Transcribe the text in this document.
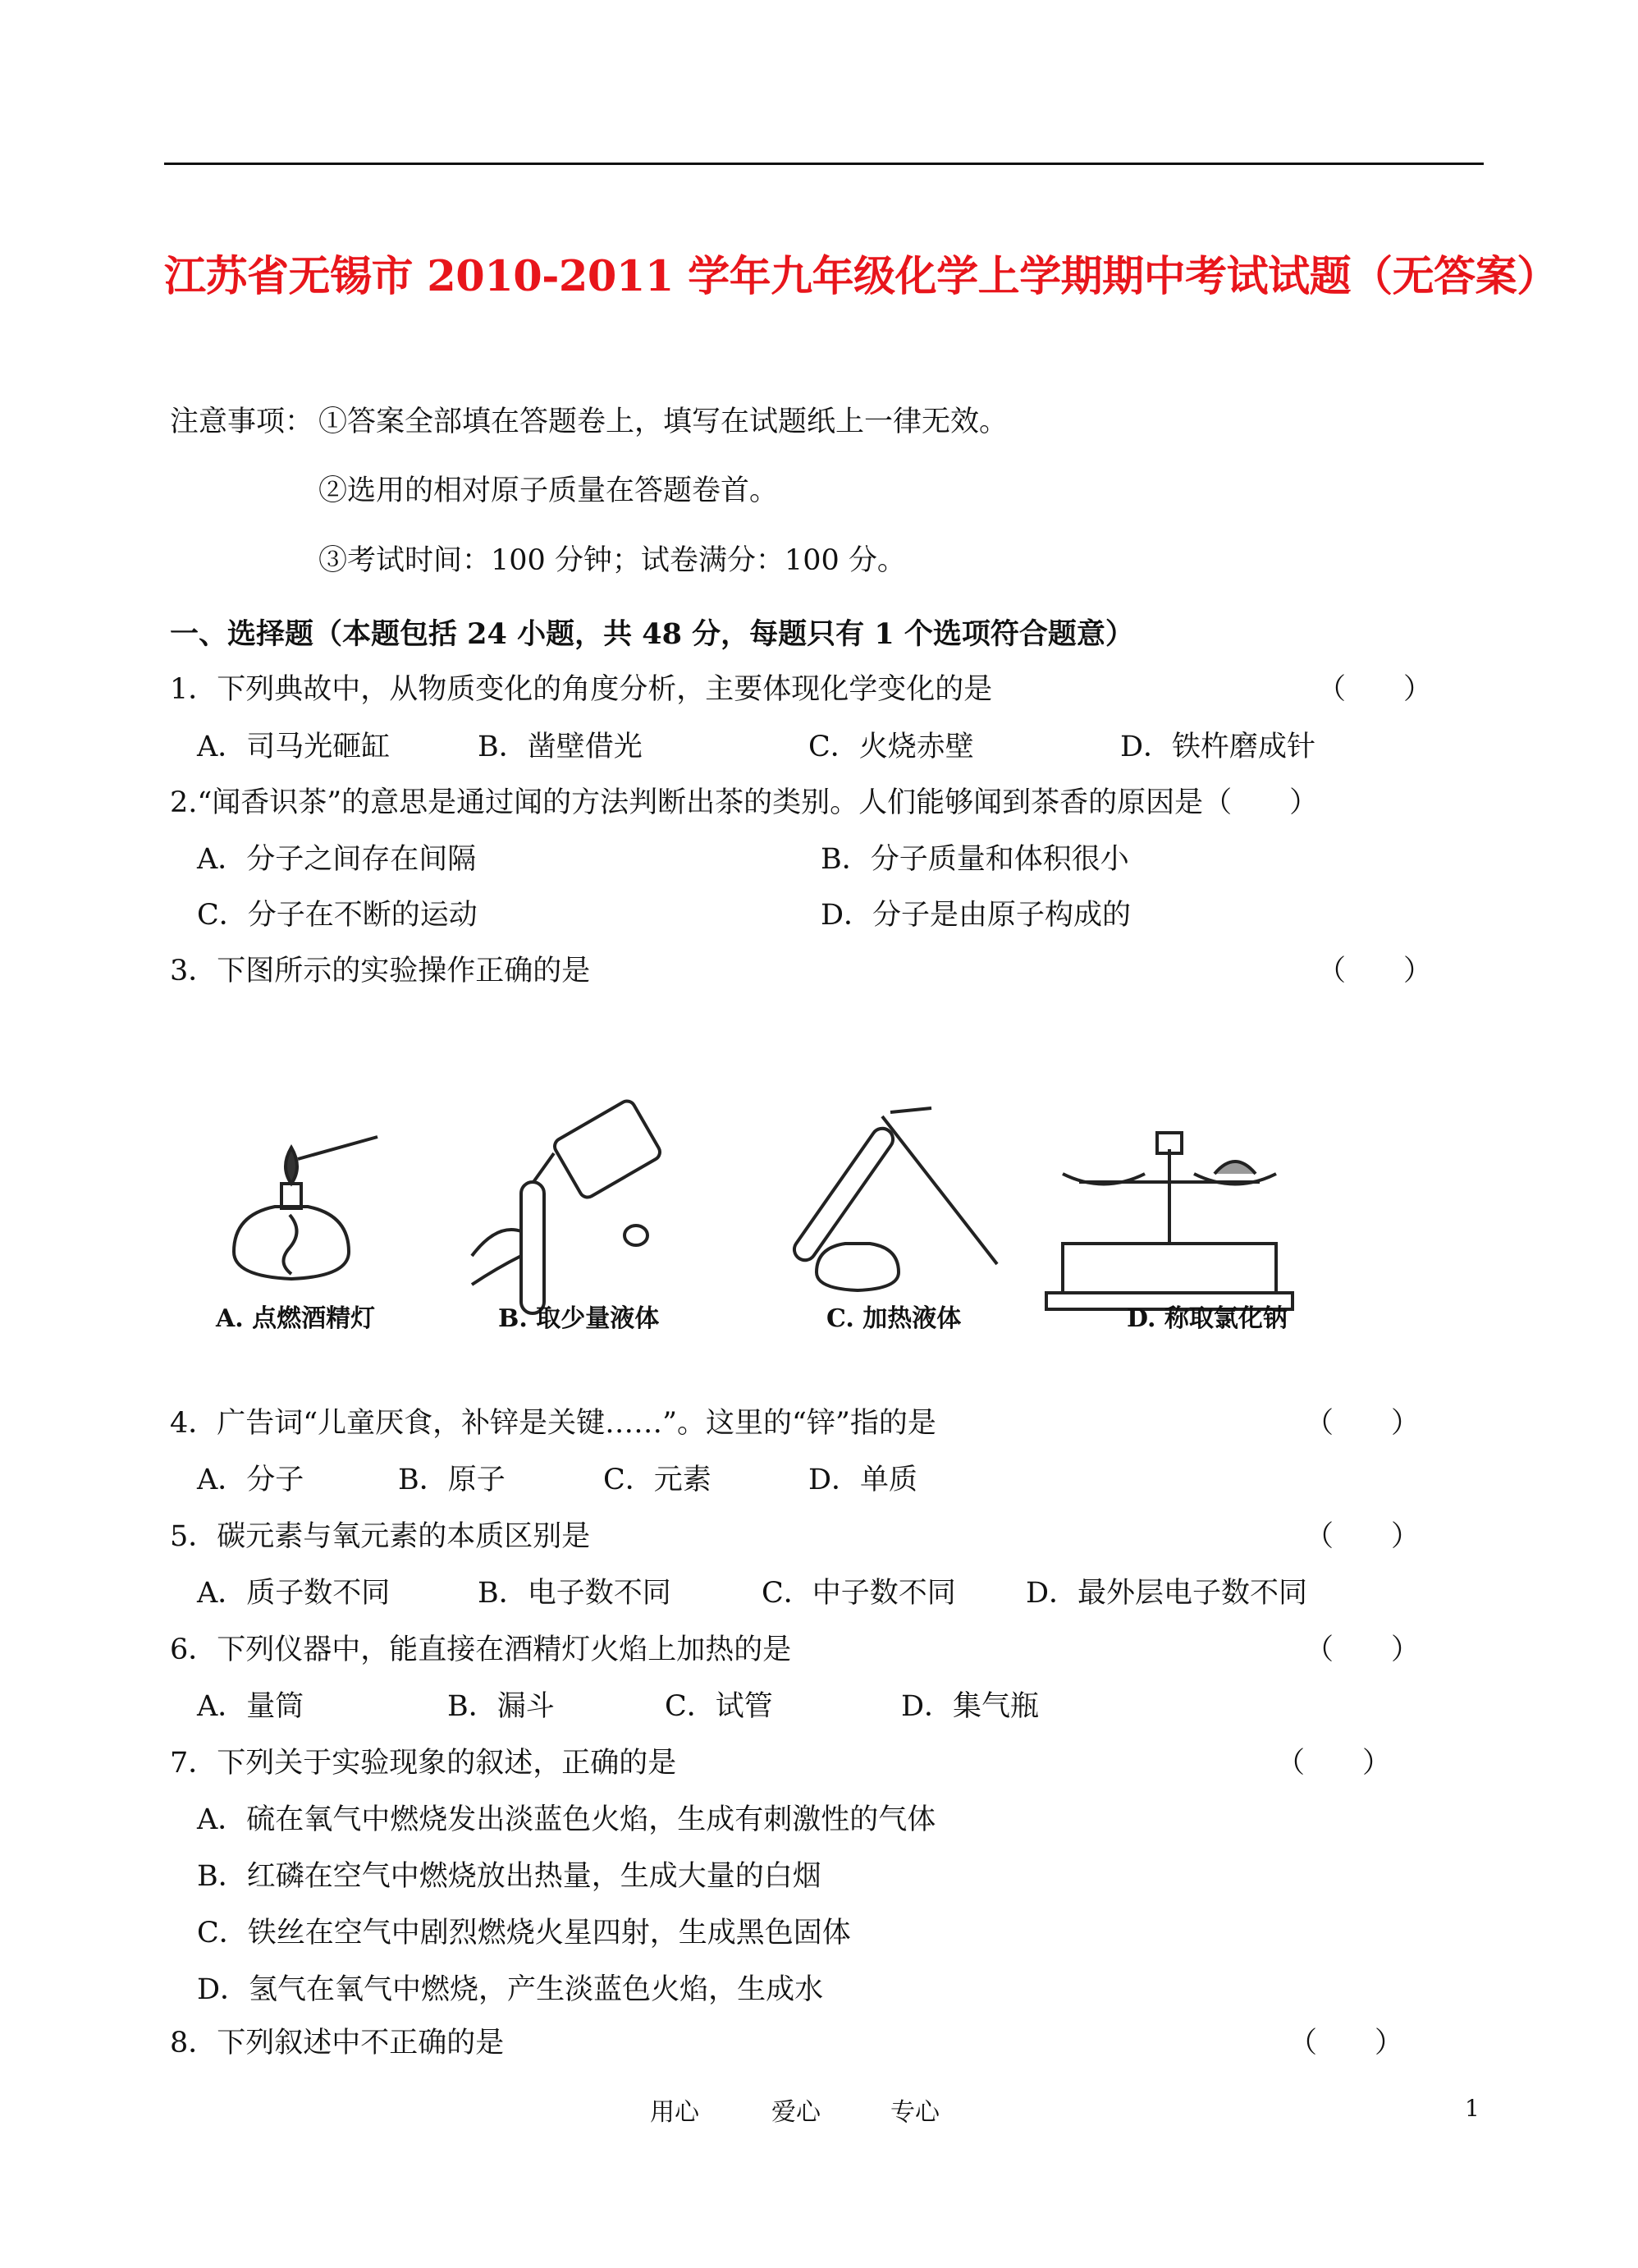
江苏省无锡市 2010-2011 学年九年级化学上学期期中考试试题（无答案）
注意事项： ①答案全部填在答题卷上，填写在试题纸上一律无效。
②选用的相对原子质量在答题卷首。
③考试时间：100 分钟；试卷满分：100 分。
一、选择题（本题包括 24 小题，共 48 分，每题只有 1 个选项符合题意）
1．下列典故中，从物质变化的角度分析，主要体现化学变化的是	（　　）
A．司马光砸缸	B．凿壁借光	C．火烧赤壁	D．铁杵磨成针
2.“闻香识茶”的意思是通过闻的方法判断出茶的类别。人们能够闻到茶香的原因是（　　）
A．分子之间存在间隔	B．分子质量和体积很小
C．分子在不断的运动	D．分子是由原子构成的
3．下图所示的实验操作正确的是	（　　）
A. 点燃酒精灯	B. 取少量液体	C. 加热液体	D. 称取氯化钠
4．广告词“儿童厌食，补锌是关键……”。这里的“锌”指的是	（　　）
A．分子	B．原子	C．元素	D．单质
5．碳元素与氧元素的本质区别是	（　　）
A．质子数不同	B．电子数不同	C．中子数不同 D．最外层电子数不同
6．下列仪器中，能直接在酒精灯火焰上加热的是	（　　）
A．量筒	B．漏斗	C．试管	D．集气瓶
7．下列关于实验现象的叙述，正确的是	（　　）
A．硫在氧气中燃烧发出淡蓝色火焰，生成有刺激性的气体
B．红磷在空气中燃烧放出热量，生成大量的白烟
C．铁丝在空气中剧烈燃烧火星四射，生成黑色固体
D．氢气在氧气中燃烧，产生淡蓝色火焰，生成水
8．下列叙述中不正确的是	（　　）
用心	爱心	专心	1
